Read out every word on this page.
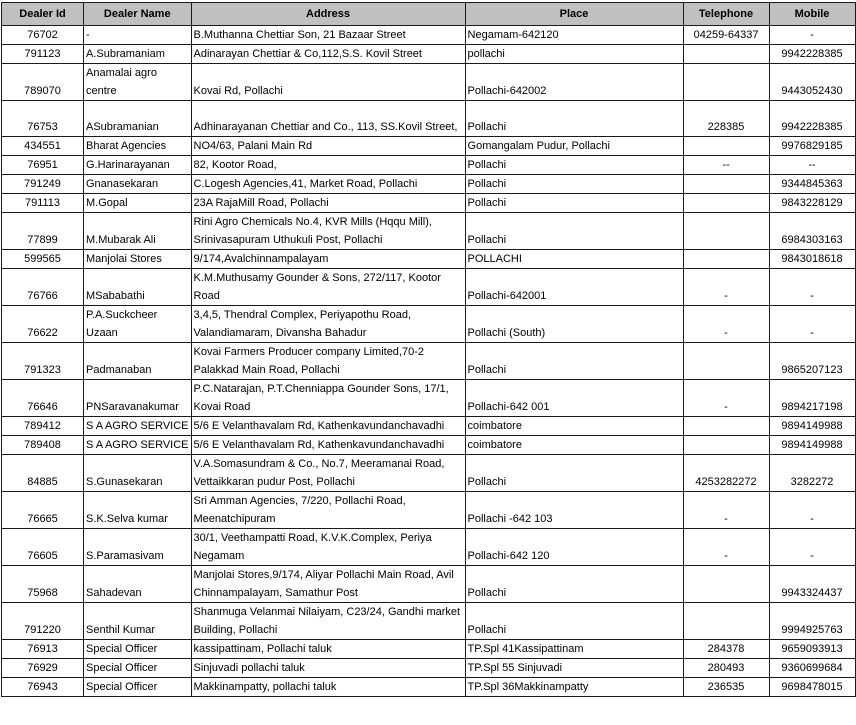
Dealer Id	Dealer Name	Address	Place	Telephone	Mobile
76702	-	B.Muthanna Chettiar Son, 21 Bazaar Street	Negamam-642120	04259-64337	-
791123	A.Subramaniam	Adinarayan Chettiar & Co,112,S.S. Kovil Street	pollachi		9942228385
789070	Anamalai agro centre	Kovai Rd, Pollachi	Pollachi-642002		9443052430
76753	ASubramanian	Adhinarayanan Chettiar and Co., 113, SS.Kovil Street,	Pollachi	228385	9942228385
434551	Bharat Agencies	NO4/63, Palani Main Rd	Gomangalam Pudur, Pollachi		9976829185
76951	G.Harinarayanan	82, Kootor Road,	Pollachi	--	--
791249	Gnanasekaran	C.Logesh Agencies,41, Market Road, Pollachi	Pollachi		9344845363
791113	M.Gopal	23A RajaMill Road, Pollachi	Pollachi		9843228129
77899	M.Mubarak Ali	Rini Agro Chemicals No.4, KVR Mills (Hqqu Mill), Srinivasapuram Uthukuli Post, Pollachi	Pollachi		6984303163
599565	Manjolai Stores	9/174,Avalchinnampalayam	POLLACHI		9843018618
76766	MSababathi	K.M.Muthusamy Gounder & Sons, 272/117, Kootor Road	Pollachi-642001	-	-
76622	P.A.Suckcheer Uzaan	3,4,5, Thendral Complex, Periyapothu Road, Valandiamaram, Divansha Bahadur	Pollachi (South)	-	-
791323	Padmanaban	Kovai Farmers Producer company Limited,70-2 Palakkad Main Road, Pollachi	Pollachi		9865207123
76646	PNSaravanakumar	P.C.Natarajan, P.T.Chenniappa Gounder Sons, 17/1, Kovai Road	Pollachi-642 001	-	9894217198
789412	S A AGRO SERVICE	5/6 E Velanthavalam Rd, Kathenkavundanchavadhi	coimbatore		9894149988
789408	S A AGRO SERVICE	5/6 E Velanthavalam Rd, Kathenkavundanchavadhi	coimbatore		9894149988
84885	S.Gunasekaran	V.A.Somasundram & Co., No.7, Meeramanai Road, Vettaikkaran pudur Post, Pollachi	Pollachi	4253282272	3282272
76665	S.K.Selva kumar	Sri Amman Agencies, 7/220, Pollachi Road, Meenatchipuram	Pollachi -642 103	-	-
76605	S.Paramasivam	30/1, Veethampatti Road, K.V.K.Complex, Periya Negamam	Pollachi-642 120	-	-
75968	Sahadevan	Manjolai Stores,9/174, Aliyar Pollachi Main Road, Avil Chinnampalayam, Samathur Post	Pollachi		9943324437
791220	Senthil Kumar	Shanmuga Velanmai Nilaiyam, C23/24, Gandhi market Building, Pollachi	Pollachi		9994925763
76913	Special Officer	kassipattinam, Pollachi taluk	TP.Spl 41Kassipattinam	284378	9659093913
76929	Special Officer	Sinjuvadi pollachi taluk	TP.Spl 55 Sinjuvadi	280493	9360699684
76943	Special Officer	Makkinampatty, pollachi taluk	TP.Spl 36Makkinampatty	236535	9698478015
